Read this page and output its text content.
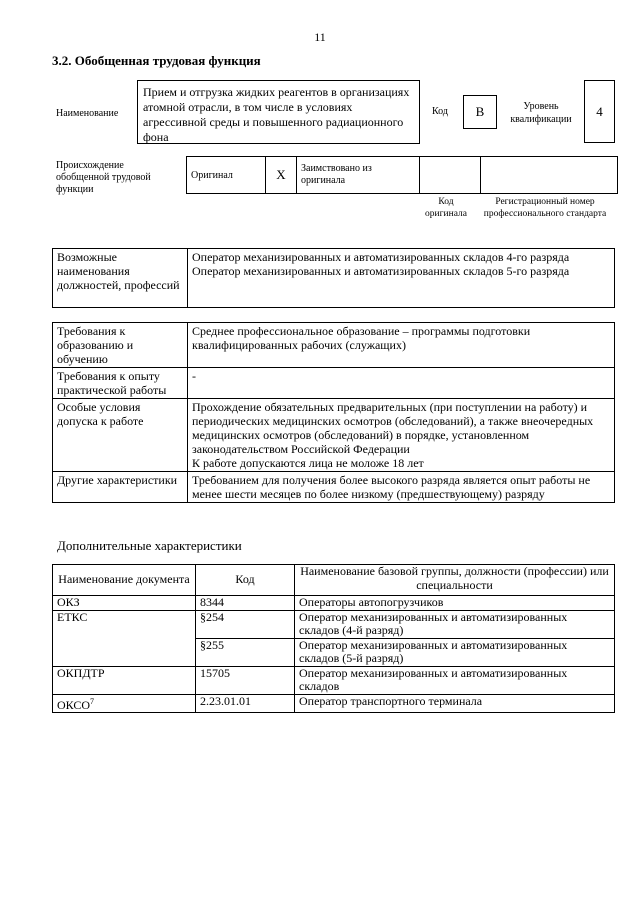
11
3.2. Обобщенная трудовая функция
Наименование
Прием и отгрузка жидких реагентов в организациях атомной отрасли, в том числе в условиях агрессивной среды и повышенного радиационного фона
Код	B	Уровень квалификации
4
Происхождение обобщенной трудовой функции
Оригинал	X	Заимствовано из оригинала		
Код оригинала
Регистрационный номер профессионального стандарта
Возможные наименования должностей, профессий	
Оператор механизированных и автоматизированных складов 4-го разряда
Оператор механизированных и автоматизированных складов 5-го разряда
Требования к образованию и обучению	Среднее профессиональное образование – программы подготовки квалифицированных рабочих (служащих)
Требования к опыту практической работы	-
Особые условия допуска к работе	Прохождение обязательных предварительных (при поступлении на работу) и периодических медицинских осмотров (обследований), а также внеочередных медицинских осмотров (обследований) в порядке, установленном законодательством Российской Федерации
К работе допускаются лица не моложе 18 лет

Другие характеристики	Требованием для получения более высокого разряда является опыт работы не менее шести месяцев по более низкому (предшествующему) разряду
Дополнительные характеристики
Наименование документа	Код	Наименование базовой группы, должности (профессии) или специальности
ОКЗ	8344	Операторы автопогрузчиков
ЕТКС	§254	Оператор механизированных и автоматизированных складов (4-й разряд)
	§255	Оператор механизированных и автоматизированных складов (5-й разряд)
ОКПДТР	15705	Оператор механизированных и автоматизированных складов
ОКСО$^7$	2.23.01.01	Оператор транспортного терминала
